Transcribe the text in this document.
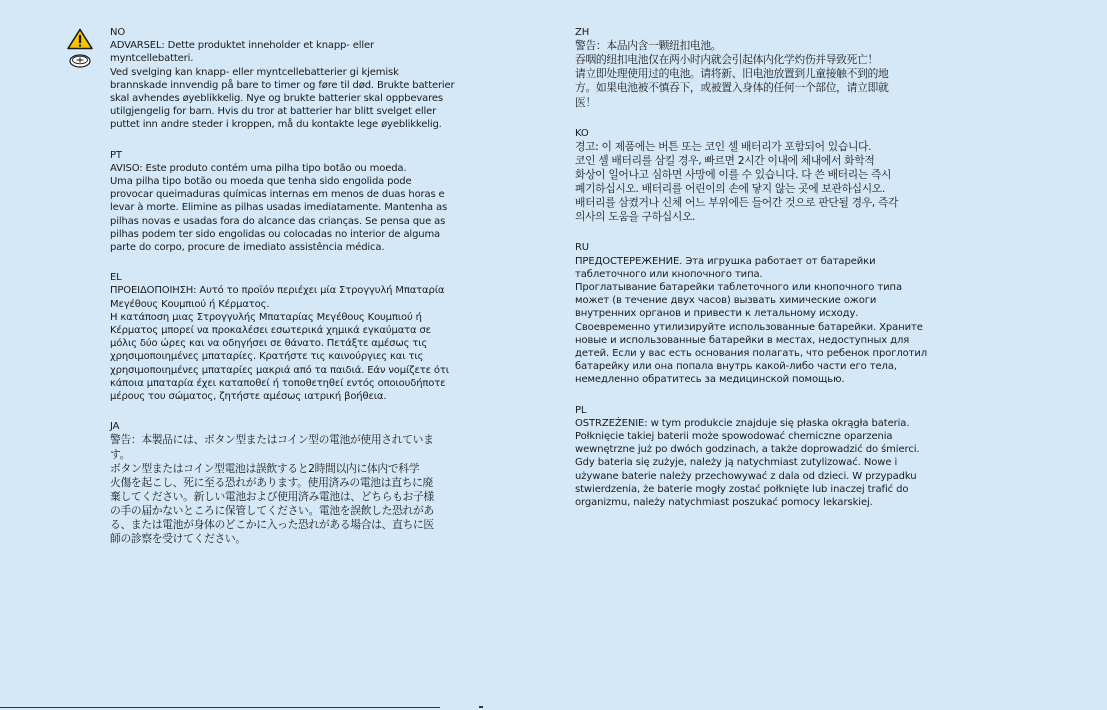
NO

ADVARSEL: Dette produktet inneholder et knapp- eller

myntcellebatteri.

Ved svelging kan knapp- eller myntcellebatterier gi kjemisk

brannskade innvendig på bare to timer og føre til død. Brukte batterier

skal avhendes øyeblikkelig. Nye og brukte batterier skal oppbevares

utilgjengelig for barn. Hvis du tror at batterier har blitt svelget eller

puttet inn andre steder i kroppen, må du kontakte lege øyeblikkelig.

PT

AVISO: Este produto contém uma pilha tipo botão ou moeda.

Uma pilha tipo botão ou moeda que tenha sido engolida pode

provocar queimaduras químicas internas em menos de duas horas e

levar à morte. Elimine as pilhas usadas imediatamente. Mantenha as

pilhas novas e usadas fora do alcance das crianças. Se pensa que as

pilhas podem ter sido engolidas ou colocadas no interior de alguma

parte do corpo, procure de imediato assistência médica.

EL

ΠΡΟΕΙΔΟΠΟΙΗΣΗ: Αυτό το προϊόν περιέχει μία Στρογγυλή Μπαταρία

Μεγέθους Κουμπιού ή Κέρματος.

Η κατάποση μιας Στρογγυλής Μπαταρίας Μεγέθους Κουμπιού ή

Κέρματος μπορεί να προκαλέσει εσωτερικά χημικά εγκαύματα σε

μόλις δύο ώρες και να οδηγήσει σε θάνατο. Πετάξτε αμέσως τις

χρησιμοποιημένες μπαταρίες. Κρατήστε τις καινούργιες και τις

χρησιμοποιημένες μπαταρίες μακριά από τα παιδιά. Εάν νομίζετε ότι

κάποια μπαταρία έχει καταποθεί ή τοποθετηθεί εντός οποιουδήποτε

μέρους του σώματος, ζητήστε αμέσως ιατρική βοήθεια.

JA

警告：本製品には、ボタン型またはコイン型の電池が使用されていま

す。

ボタン型またはコイン型電池は誤飲すると2時間以内に体内で科学

火傷を起こし、死に至る恐れがあります。使用済みの電池は直ちに廃

棄してください。新しい電池および使用済み電池は、どちらもお子様

の手の届かないところに保管してください。電池を誤飲した恐れがあ

る、または電池が身体のどこかに入った恐れがある場合は、直ちに医

師の診察を受けてください。

ZH

警告：本品内含一颗纽扣电池。

吞咽的纽扣电池仅在两小时内就会引起体内化学灼伤并导致死亡！

请立即处理使用过的电池。请将新、旧电池放置到儿童接触不到的地

方。如果电池被不慎吞下，或被置入身体的任何一个部位，请立即就

医！

KO

경고: 이 제품에는 버튼 또는 코인 셀 배터리가 포함되어 있습니다.

코인 셀 배터리를 삼킬 경우, 빠르면 2시간 이내에 체내에서 화학적

화상이 일어나고 심하면 사망에 이를 수 있습니다. 다 쓴 배터리는 즉시

폐기하십시오. 배터리를 어린이의 손에 닿지 않는 곳에 보관하십시오.

배터리를 삼켰거나 신체 어느 부위에든 들어간 것으로 판단될 경우, 즉각

의사의 도움을 구하십시오.

RU

ПРЕДОСТЕРЕЖЕНИЕ. Эта игрушка работает от батарейки

таблеточного или кнопочного типа.

Проглатывание батарейки таблеточного или кнопочного типа

может (в течение двух часов) вызвать химические ожоги

внутренних органов и привести к летальному исходу.

Своевременно утилизируйте использованные батарейки. Храните

новые и использованные батарейки в местах, недоступных для

детей. Если у вас есть основания полагать, что ребенок проглотил

батарейку или она попала внутрь какой-либо части его тела,

немедленно обратитесь за медицинской помощью.

PL

OSTRZEŻENIE: w tym produkcie znajduje się płaska okrągła bateria.

Połknięcie takiej baterii może spowodować chemiczne oparzenia

wewnętrzne już po dwóch godzinach, a także doprowadzić do śmierci.

Gdy bateria się zużyje, należy ją natychmiast zutylizować. Nowe i

używane baterie należy przechowywać z dala od dzieci. W przypadku

stwierdzenia, że baterie mogły zostać połknięte lub inaczej trafić do

organizmu, należy natychmiast poszukać pomocy lekarskiej.
